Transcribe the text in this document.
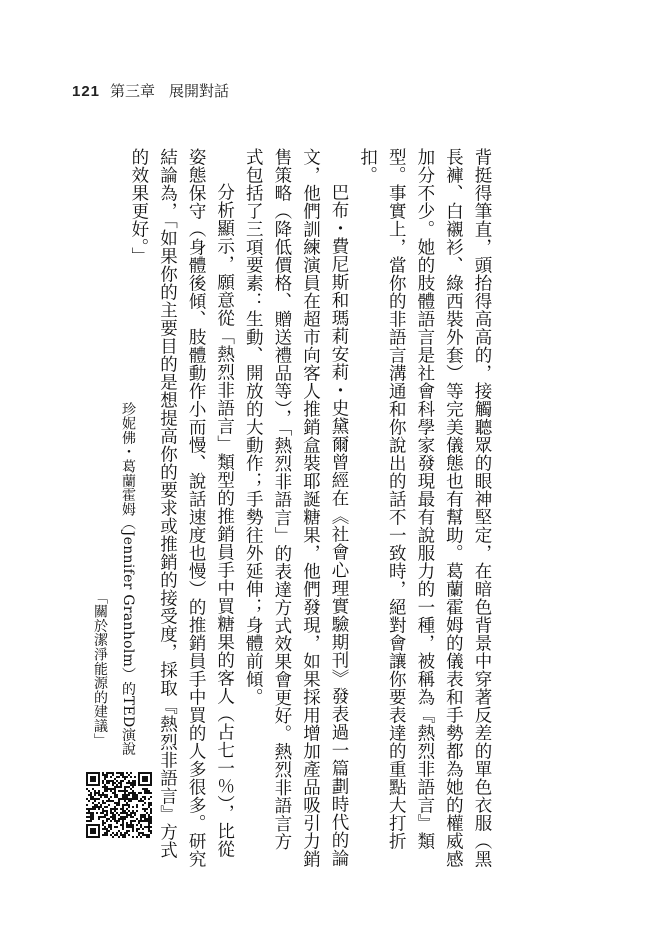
121 第三章 展開對話

背挺得筆直，頭抬得高高的，接觸聽眾的眼神堅定，在暗色背景中穿著反差的單色衣服（黑長褲、白襯衫、綠西裝外套）等完美儀態也有幫助。葛蘭霍姆的儀表和手勢都為她的權威感加分不少。她的肢體語言是社會科學家發現最有說服力的一種，被稱為『熱烈非語言』類型。事實上，當你的非語言溝通和你說出的話不一致時，絕對會讓你要表達的重點大打折扣。

巴布・費尼斯和瑪莉安莉・史黛爾曾經在《社會心理實驗期刊》發表過一篇劃時代的論文，他們訓練演員在超市向客人推銷盒裝耶誕糖果，他們發現，如果採用增加產品吸引力銷售策略（降低價格、贈送禮品等），「熱烈非語言」的表達方式效果會更好。熱烈非語言方式包括了三項要素：生動、開放的大動作；手勢往外延伸；身體前傾。

分析顯示，願意從「熱烈非語言」類型的推銷員手中買糖果的客人（占七一％），比從姿態保守（身體後傾、肢體動作小而慢、說話速度也慢）的推銷員手中買的人多很多。研究結論為，「如果你的主要目的是想提高你的要求或推銷的接受度，採取『熱烈非語言』方式的效果更好。」

珍妮佛・葛蘭霍姆（Jennifer Granholm）的TED演說
「關於潔淨能源的建議」
